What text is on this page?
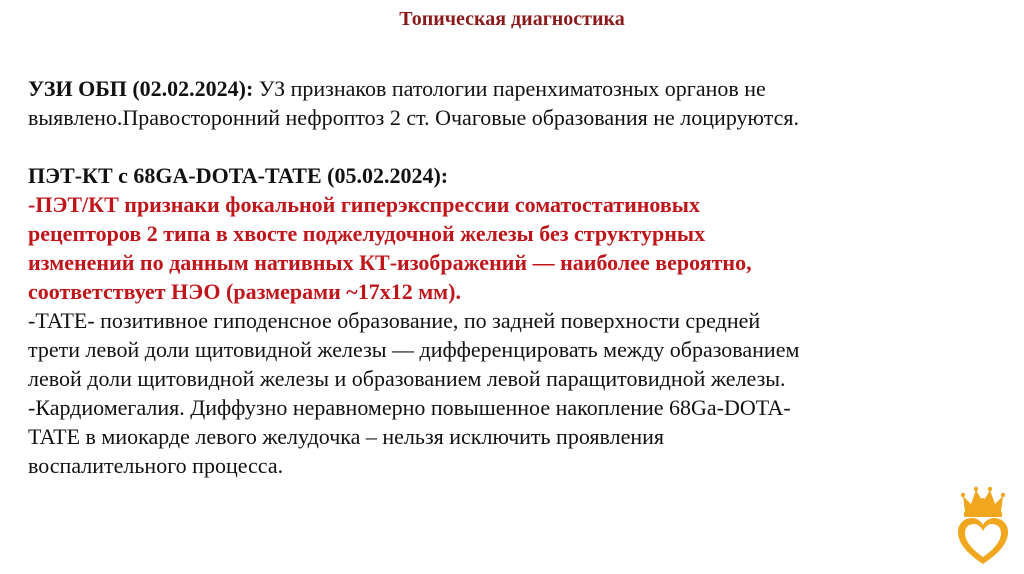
Топическая диагностика

УЗИ ОБП (02.02.2024): УЗ признаков патологии паренхиматозных органов не

выявлено.Правосторонний нефроптоз 2 ст. Очаговые образования не лоцируются.

ПЭТ-КТ с 68GA-DOTA-TATE (05.02.2024):

-ПЭТ/КТ признаки фокальной гиперэкспрессии соматостатиновых

рецепторов 2 типа в хвосте поджелудочной железы без структурных

изменений по данным нативных КТ-изображений — наиболее вероятно,

соответствует НЭО (размерами ~17х12 мм).

-TATE- позитивное гиподенсное образование, по задней поверхности средней

трети левой доли щитовидной железы — дифференцировать между образованием

левой доли щитовидной железы и образованием левой паращитовидной железы.

-Кардиомегалия. Диффузно неравномерно повышенное накопление 68Ga-DOTA-

TATE в миокарде левого желудочка – нельзя исключить проявления

воспалительного процесса.
